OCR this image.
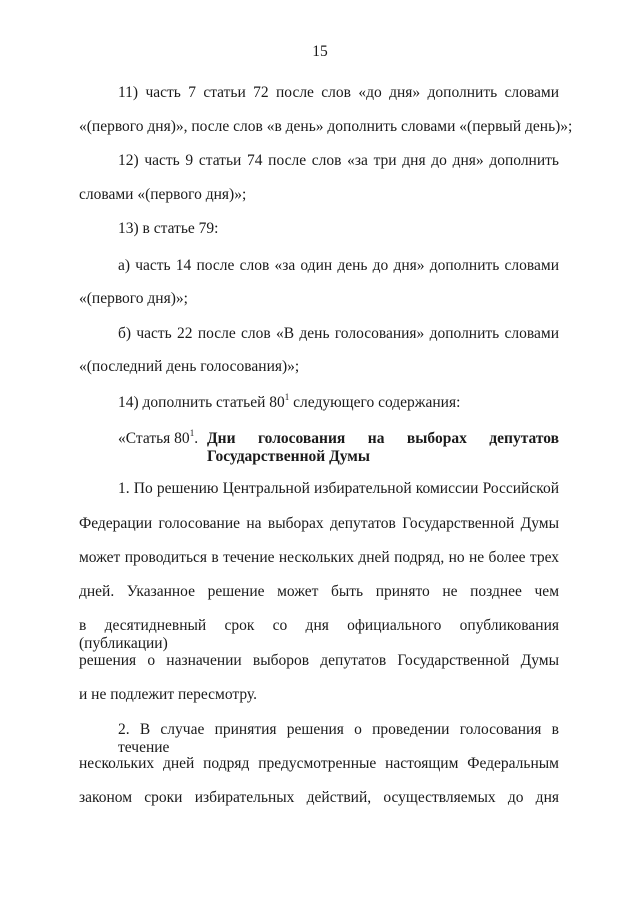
15
11) часть 7 статьи 72 после слов «до дня» дополнить словами
«(первого дня)», после слов «в день» дополнить словами «(первый день)»;
12) часть 9 статьи 74 после слов «за три дня до дня» дополнить
словами «(первого дня)»;
13) в статье 79:
а) часть 14 после слов «за один день до дня» дополнить словами
«(первого дня)»;
б) часть 22 после слов «В день голосования» дополнить словами
«(последний день голосования)»;
14) дополнить статьей $80^1$ следующего содержания:
«Статья $80^1$. Дни голосования на выборах депутатов
Государственной Думы
1. По решению Центральной избирательной комиссии Российской
Федерации голосование на выборах депутатов Государственной Думы
может проводиться в течение нескольких дней подряд, но не более трех
дней. Указанное решение может быть принято не позднее чем
в десятидневный срок со дня официального опубликования (публикации)
решения о назначении выборов депутатов Государственной Думы
и не подлежит пересмотру.
2. В случае принятия решения о проведении голосования в течение
нескольких дней подряд предусмотренные настоящим Федеральным
законом сроки избирательных действий, осуществляемых до дня
